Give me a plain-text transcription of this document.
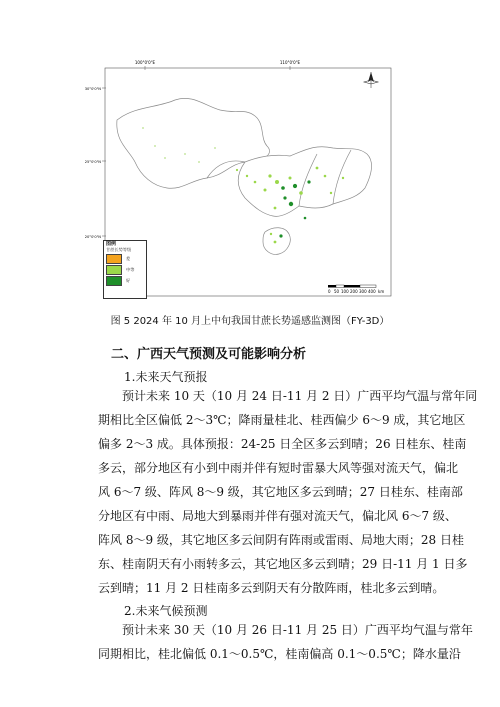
100°0'0"E	110°0'0"E
30°0'0"N
25°0'0"N
20°0'0"N
图例
甘蔗长势等级
差
中等
好
0 50 100 200 300 400 km
图 5 2024 年 10 月上中旬我国甘蔗长势遥感监测图（FY-3D）
二、广西天气预测及可能影响分析
1.未来天气预报
预计未来 10 天（10 月 24 日-11 月 2 日）广西平均气温与常年同
期相比全区偏低 2～3℃；降雨量桂北、桂西偏少 6～9 成，其它地区
偏多 2～3 成。具体预报：24-25 日全区多云到晴；26 日桂东、桂南
多云，部分地区有小到中雨并伴有短时雷暴大风等强对流天气，偏北
风 6～7 级、阵风 8～9 级，其它地区多云到晴；27 日桂东、桂南部
分地区有中雨、局地大到暴雨并伴有强对流天气，偏北风 6～7 级、
阵风 8～9 级，其它地区多云间阴有阵雨或雷雨、局地大雨；28 日桂
东、桂南阴天有小雨转多云，其它地区多云到晴；29 日-11 月 1 日多
云到晴；11 月 2 日桂南多云到阴天有分散阵雨，桂北多云到晴。
2.未来气候预测
预计未来 30 天（10 月 26 日-11 月 25 日）广西平均气温与常年
同期相比，桂北偏低 0.1～0.5℃，桂南偏高 0.1～0.5℃；降水量沿
